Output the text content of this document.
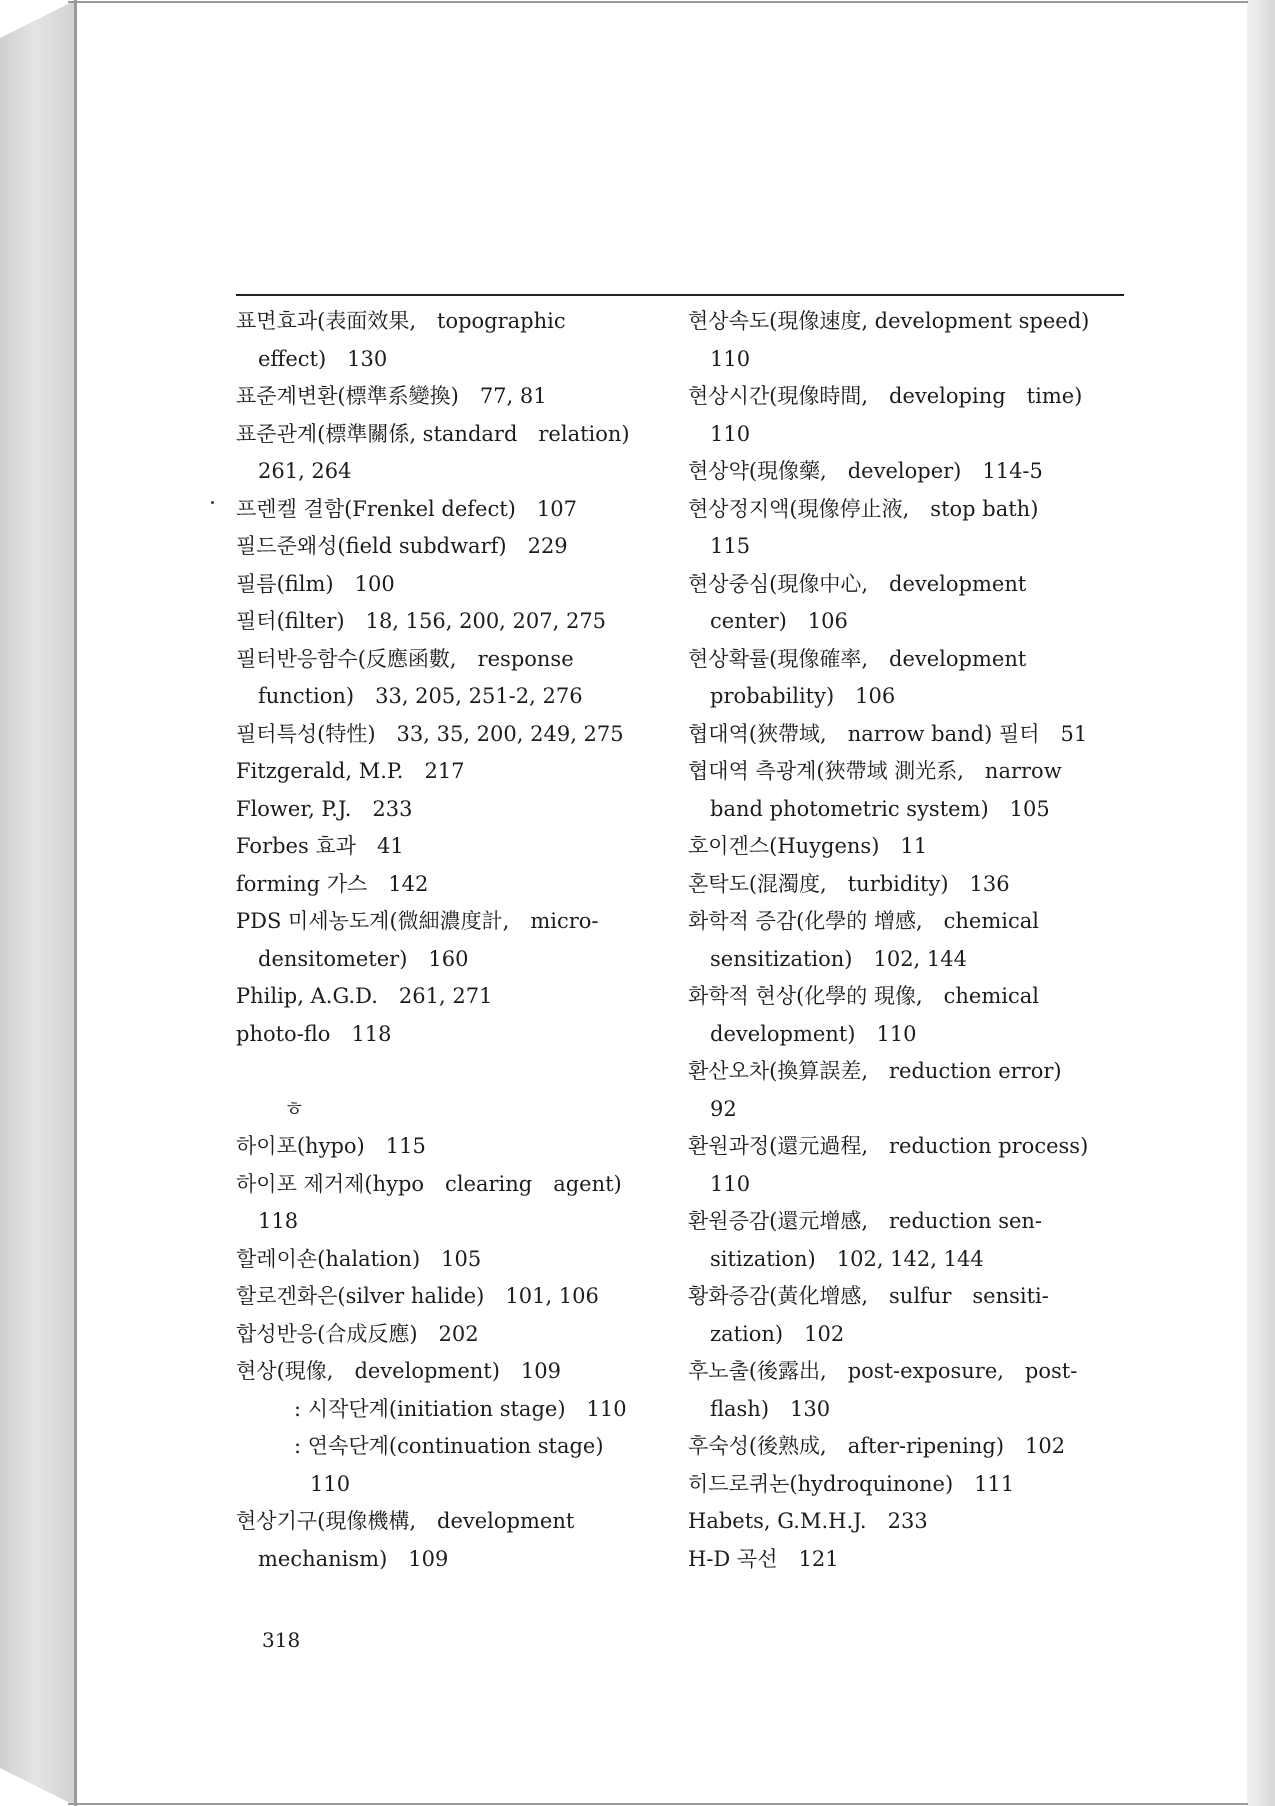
표면효과(表面效果,　topographic
effect)　130
표준계변환(標準系變換)　77, 81
표준관계(標準關係, standard　relation)
261, 264
프렌켈 결함(Frenkel defect)　107
필드준왜성(field subdwarf)　229
필름(film)　100
필터(filter)　18, 156, 200, 207, 275
필터반응함수(反應函數,　response
function)　33, 205, 251-2, 276
필터특성(特性)　33, 35, 200, 249, 275
Fitzgerald, M.P.　217
Flower, P.J.　233
Forbes 효과　41
forming 가스　142
PDS 미세농도계(微細濃度計,　micro-
densitometer)　160
Philip, A.G.D.　261, 271
photo-flo　118
ㅎ
하이포(hypo)　115
하이포 제거제(hypo　clearing　agent)
118
할레이숀(halation)　105
할로겐화은(silver halide)　101, 106
합성반응(合成反應)　202
현상(現像,　development)　109
: 시작단계(initiation stage)　110
: 연속단계(continuation stage)
110
현상기구(現像機構,　development
mechanism)　109
현상속도(現像速度, development speed)
110
현상시간(現像時間,　developing　time)
110
현상약(現像藥,　developer)　114-5
현상정지액(現像停止液,　stop bath)
115
현상중심(現像中心,　development
center)　106
현상확률(現像確率,　development
probability)　106
협대역(狹帶域,　narrow band) 필터　51
협대역 측광계(狹帶域 測光系,　narrow
band photometric system)　105
호이겐스(Huygens)　11
혼탁도(混濁度,　turbidity)　136
화학적 증감(化學的 增感,　chemical
sensitization)　102, 144
화학적 현상(化學的 現像,　chemical
development)　110
환산오차(換算誤差,　reduction error)
92
환원과정(還元過程,　reduction process)
110
환원증감(還元增感,　reduction sen-
sitization)　102, 142, 144
황화증감(黃化增感,　sulfur　sensiti-
zation)　102
후노출(後露出,　post-exposure,　post-
flash)　130
후숙성(後熟成,　after-ripening)　102
히드로퀴논(hydroquinone)　111
Habets, G.M.H.J.　233
H-D 곡선　121
318
